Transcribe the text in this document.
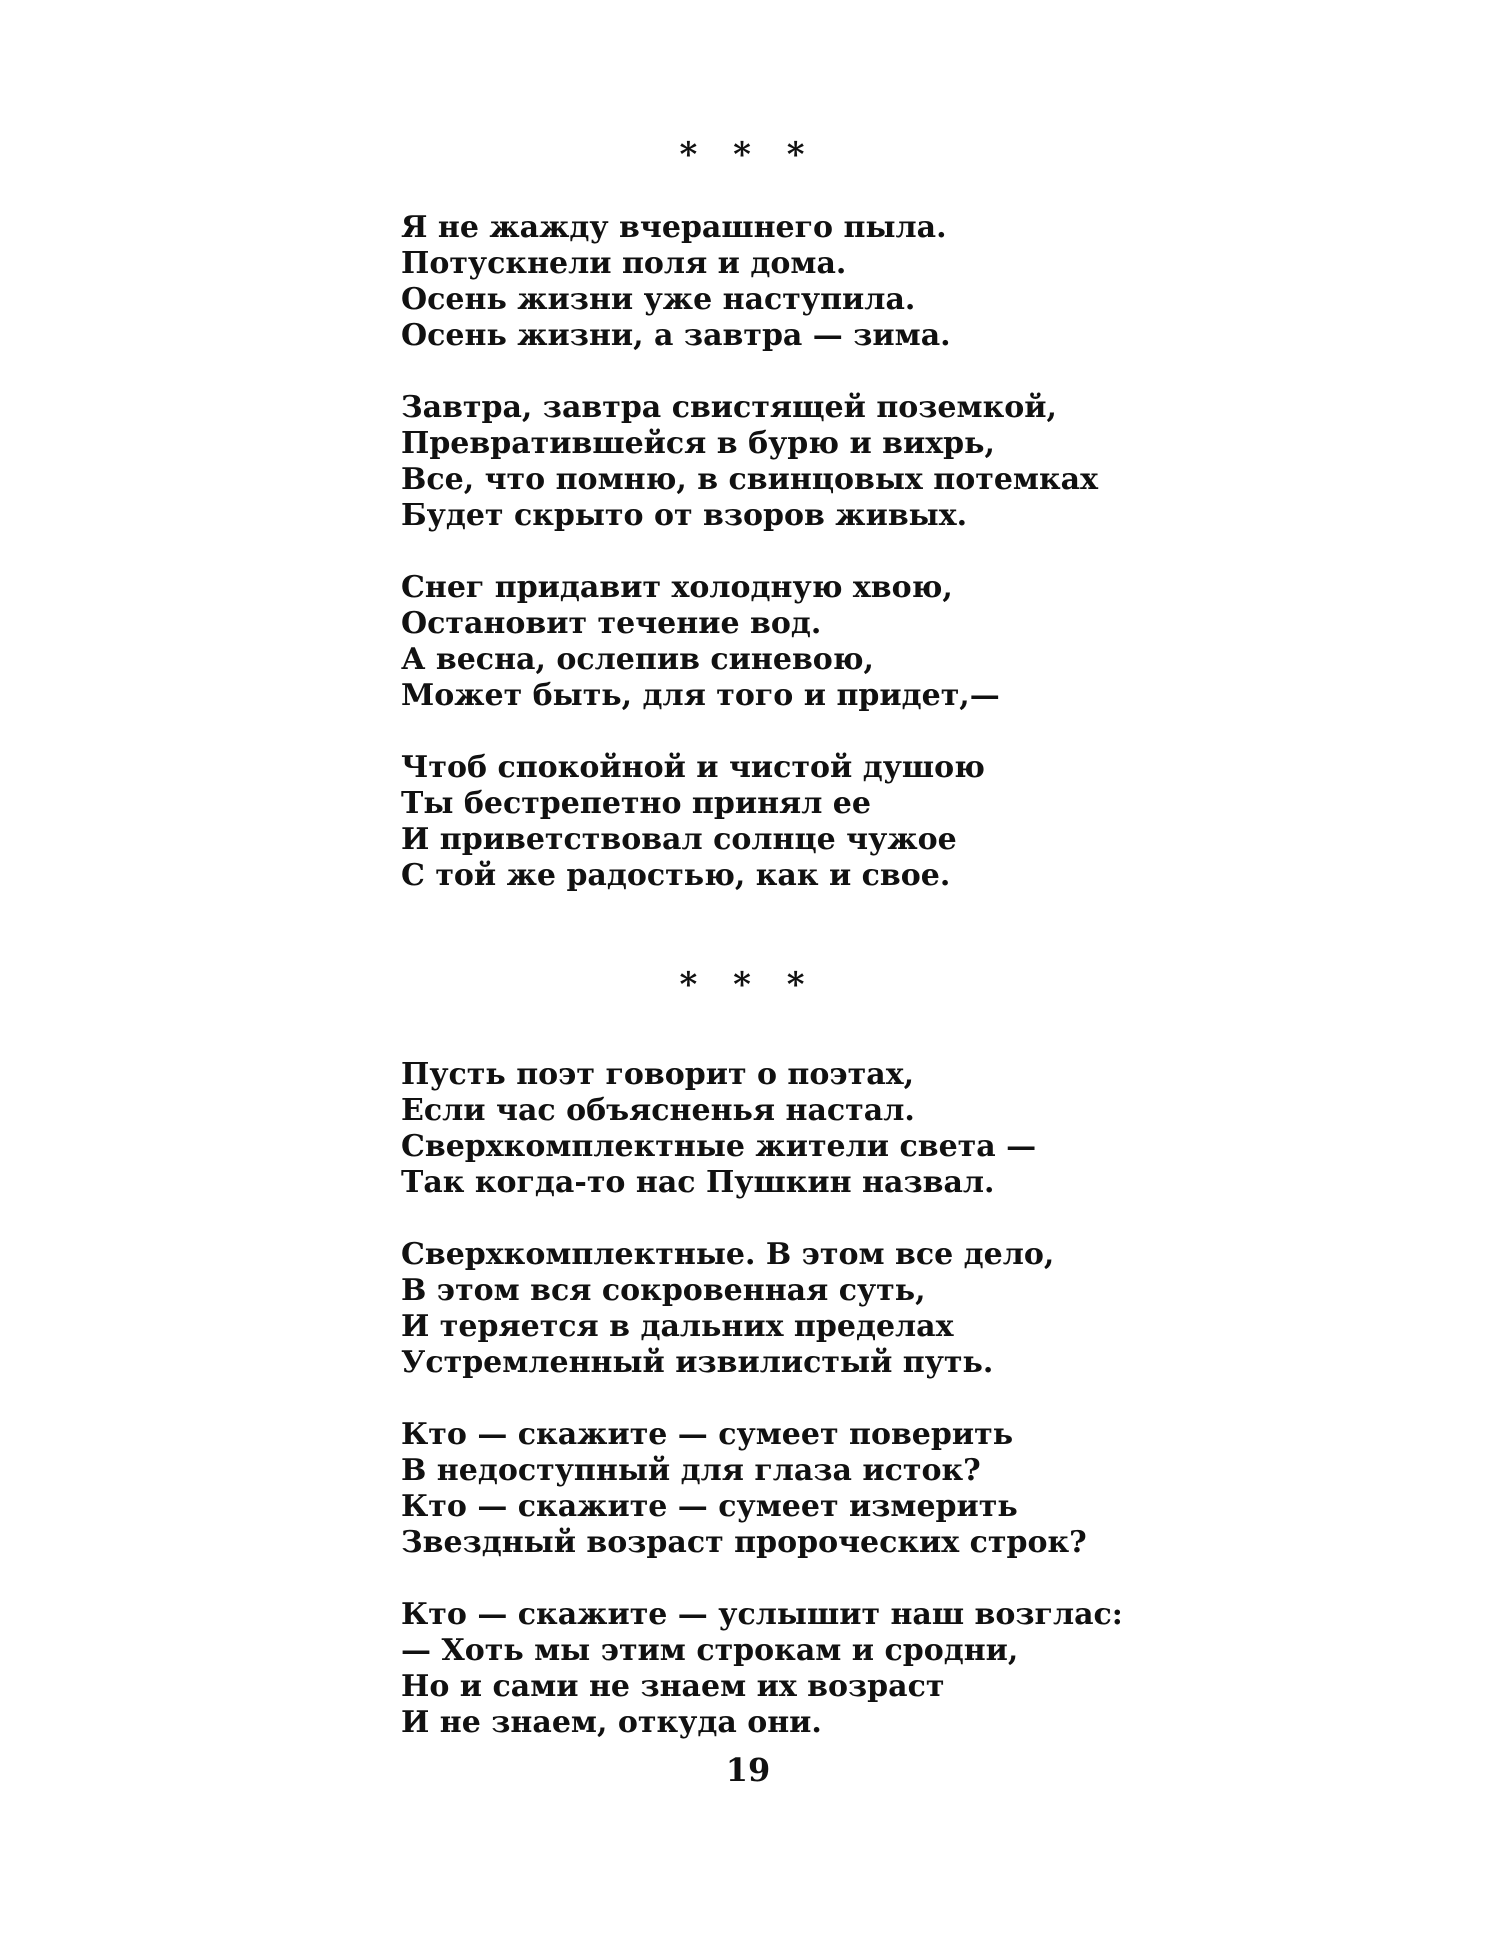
* * *
Я не жажду вчерашнего пыла.
Потускнели поля и дома.
Осень жизни уже наступила.
Осень жизни, а завтра — зима.
Завтра, завтра свистящей поземкой,
Превратившейся в бурю и вихрь,
Все, что помню, в свинцовых потемках
Будет скрыто от взоров живых.
Снег придавит холодную хвою,
Остановит течение вод.
А весна, ослепив синевою,
Может быть, для того и придет,—
Чтоб спокойной и чистой душою
Ты бестрепетно принял ее
И приветствовал солнце чужое
С той же радостью, как и свое.
* * *
Пусть поэт говорит о поэтах,
Если час объясненья настал.
Сверхкомплектные жители света —
Так когда-то нас Пушкин назвал.
Сверхкомплектные. В этом все дело,
В этом вся сокровенная суть,
И теряется в дальних пределах
Устремленный извилистый путь.
Кто — скажите — сумеет поверить
В недоступный для глаза исток?
Кто — скажите — сумеет измерить
Звездный возраст пророческих строк?
Кто — скажите — услышит наш возглас:
— Хоть мы этим строкам и сродни,
Но и сами не знаем их возраст
И не знаем, откуда они.
19
